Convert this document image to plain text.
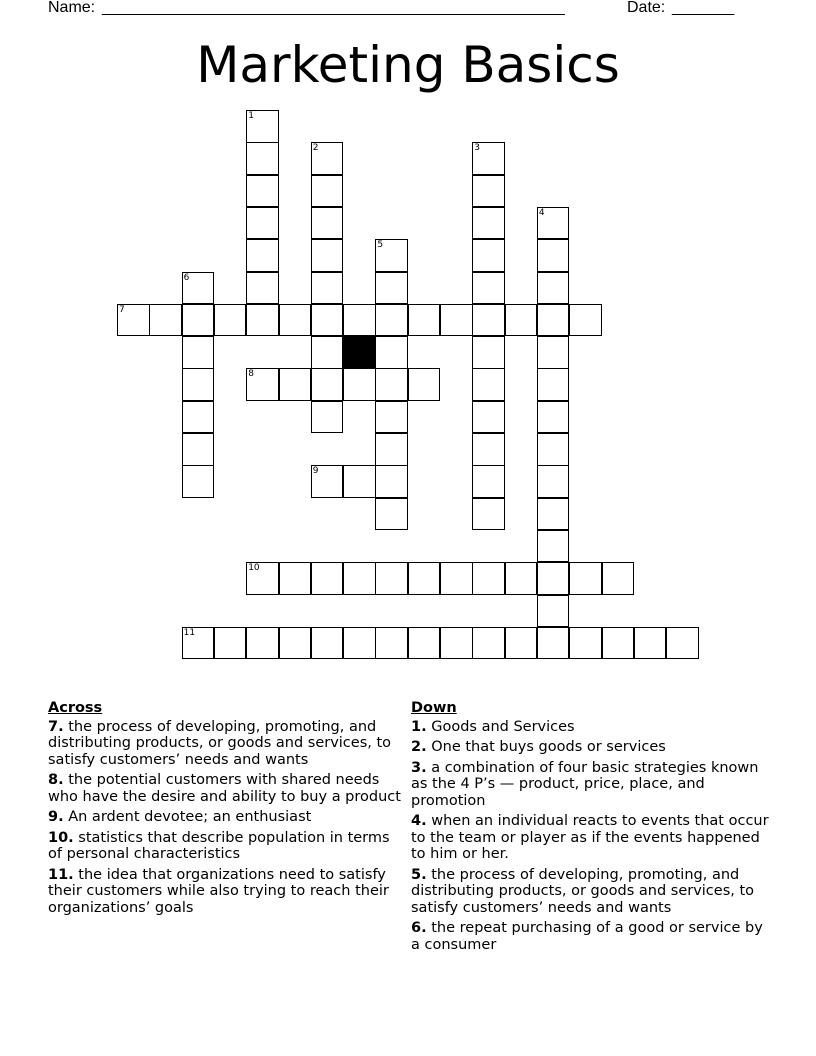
Name: ____________________________________________________	Date: _______
Marketing Basics
1
2	3
4
5
6
7
8
9
10
11
Across
7. the process of developing, promoting, and distributing products, or goods and services, to satisfy customers’ needs and wants
8. the potential customers with shared needs who have the desire and ability to buy a product
9. An ardent devotee; an enthusiast
10. statistics that describe population in terms of personal characteristics
11. the idea that organizations need to satisfy their customers while also trying to reach their organizations’ goals
Down
1. Goods and Services
2. One that buys goods or services
3. a combination of four basic strategies known as the 4 P’s — product, price, place, and promotion
4. when an individual reacts to events that occur to the team or player as if the events happened to him or her.
5. the process of developing, promoting, and distributing products, or goods and services, to satisfy customers’ needs and wants
6. the repeat purchasing of a good or service by a consumer
